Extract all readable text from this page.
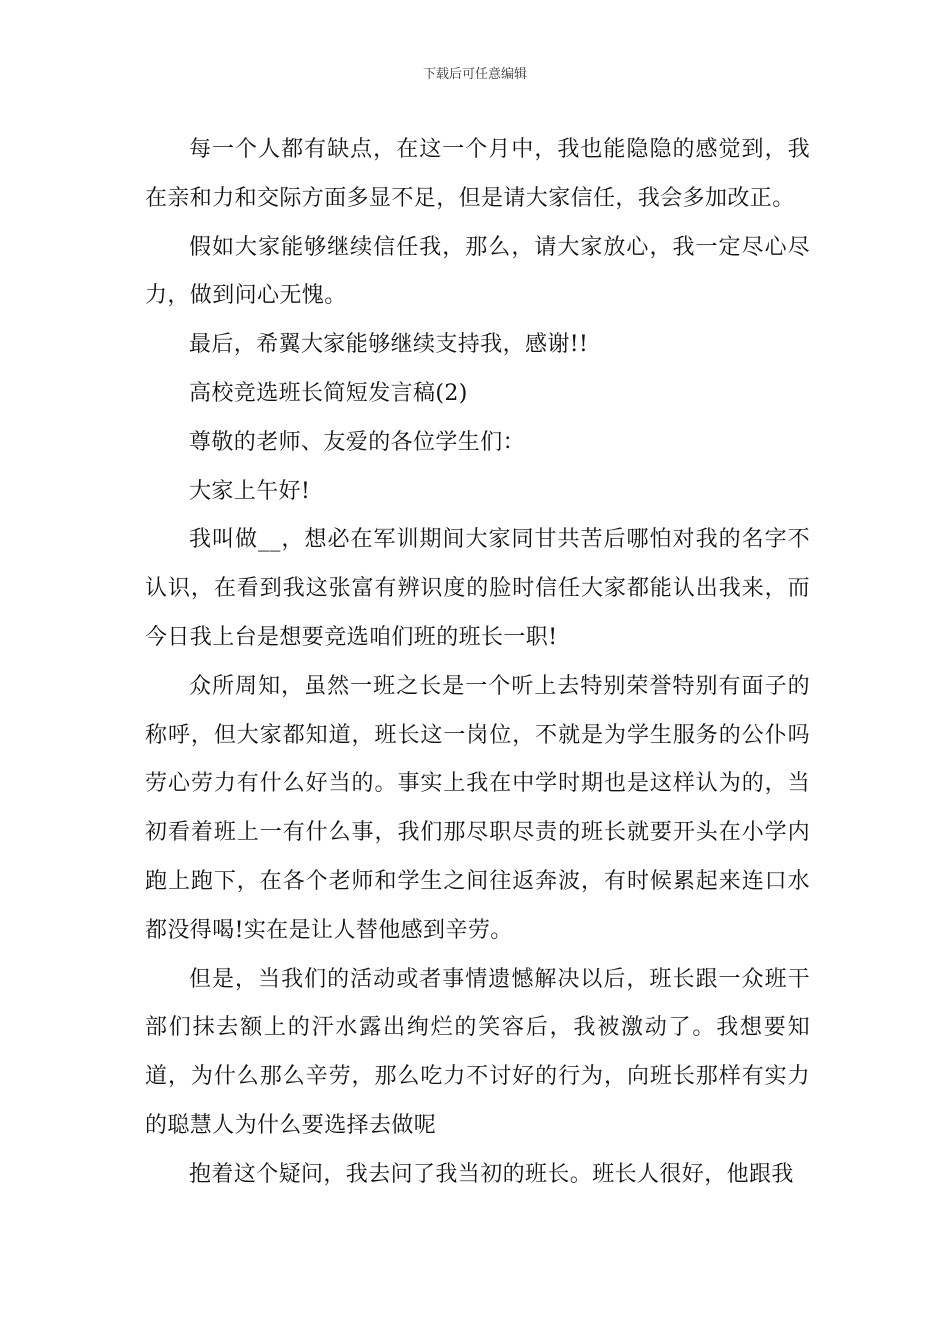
下载后可任意编辑

每一个人都有缺点，在这一个月中，我也能隐隐的感觉到，我在亲和力和交际方面多显不足，但是请大家信任，我会多加改正。

假如大家能够继续信任我，那么，请大家放心，我一定尽心尽力，做到问心无愧。

最后，希翼大家能够继续支持我，感谢!!

高校竞选班长简短发言稿(2)

尊敬的老师、友爱的各位学生们：

大家上午好!

我叫做__，想必在军训期间大家同甘共苦后哪怕对我的名字不认识，在看到我这张富有辨识度的脸时信任大家都能认出我来，而今日我上台是想要竞选咱们班的班长一职!

众所周知，虽然一班之长是一个听上去特别荣誉特别有面子的称呼，但大家都知道，班长这一岗位，不就是为学生服务的公仆吗劳心劳力有什么好当的。事实上我在中学时期也是这样认为的，当初看着班上一有什么事，我们那尽职尽责的班长就要开头在小学内跑上跑下，在各个老师和学生之间往返奔波，有时候累起来连口水都没得喝!实在是让人替他感到辛劳。

但是，当我们的活动或者事情遗憾解决以后，班长跟一众班干部们抹去额上的汗水露出绚烂的笑容后，我被激动了。我想要知道，为什么那么辛劳，那么吃力不讨好的行为，向班长那样有实力的聪慧人为什么要选择去做呢

抱着这个疑问，我去问了我当初的班长。班长人很好，他跟我
